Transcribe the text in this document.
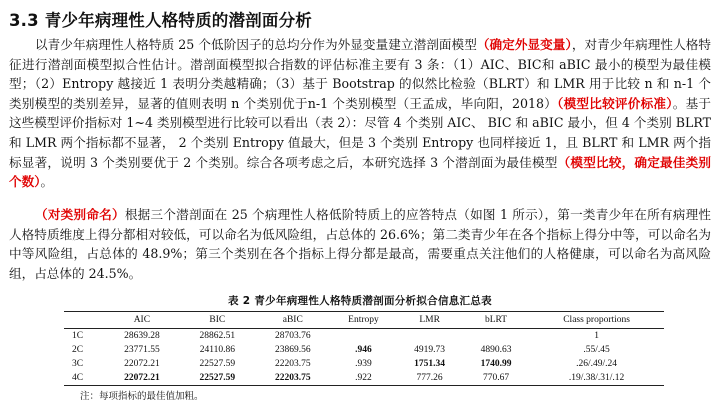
3.3 青少年病理性人格特质的潜剖面分析
以青少年病理性人格特质 25 个低阶因子的总均分作为外显变量建立潜剖面模型（确定外显变量），对青少年病理性人格特征进行潜剖面模型拟合性估计。潜剖面模型拟合指数的评估标准主要有 3 条：（1）AIC、BIC和 aBIC 最小的模型为最佳模型；（2）Entropy 越接近 1 表明分类越精确；（3）基于 Bootstrap 的似然比检验（BLRT）和 LMR 用于比较 n 和 n-1 个类别模型的类别差异，显著的值则表明 n 个类别优于n-1 个类别模型（王孟成，毕向阳，2018）（模型比较评价标准）。基于这些模型评价指标对 1~4 类别模型进行比较可以看出（表 2）：尽管 4 个类别 AIC、 BIC 和 aBIC 最小，但 4 个类别 BLRT 和 LMR 两个指标都不显著， 2 个类别 Entropy 值最大，但是 3 个类别 Entropy 也同样接近 1，且 BLRT 和 LMR 两个指标显著，说明 3 个类别要优于 2 个类别。综合各项考虑之后，本研究选择 3 个潜剖面为最佳模型（模型比较，确定最佳类别个数）。
（对类别命名）根据三个潜剖面在 25 个病理性人格低阶特质上的应答特点（如图 1 所示），第一类青少年在所有病理性人格特质维度上得分都相对较低，可以命名为低风险组，占总体的 26.6%；第二类青少年在各个指标上得分中等，可以命名为中等风险组，占总体的 48.9%；第三个类别在各个指标上得分都是最高，需要重点关注他们的人格健康，可以命名为高风险组，占总体的 24.5%。
表 2 青少年病理性人格特质潜剖面分析拟合信息汇总表
	AIC	BIC	aBIC	Entropy	LMR	bLRT	Class proportions
1C	28639.28	28862.51	28703.76				1
2C	23771.55	24110.86	23869.56	.946	4919.73	4890.63	.55/.45
3C	22072.21	22527.59	22203.75	.939	1751.34	1740.99	.26/.49/.24
4C	22072.21	22527.59	22203.75	.922	777.26	770.67	.19/.38/.31/.12
注：每项指标的最佳值加粗。
